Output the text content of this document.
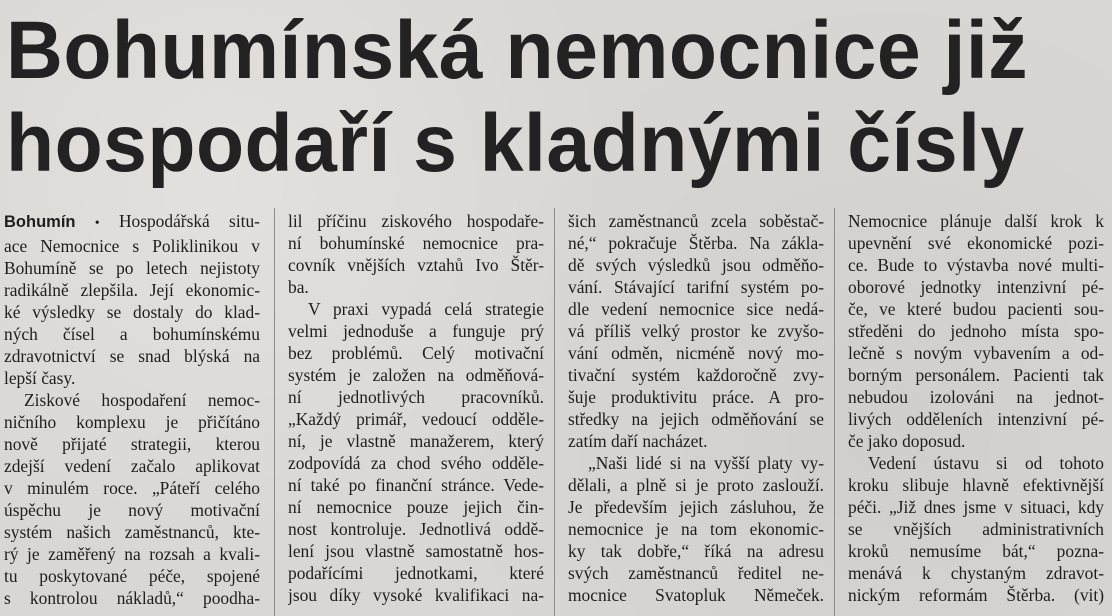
Bohumínská nemocnice již
hospodaří s kladnými čísly
Bohumín • Hospodářská situ-
ace Nemocnice s Poliklinikou v
Bohumíně se po letech nejistoty
radikálně zlepšila. Její ekonomic-
ké výsledky se dostaly do klad-
ných čísel a bohumínskému
zdravotnictví se snad blýská na
lepší časy.
Ziskové hospodaření nemoc-
ničního komplexu je přičítáno
nově přijaté strategii, kterou
zdejší vedení začalo aplikovat
v minulém roce. „Páteří celého
úspěchu je nový motivační
systém našich zaměstnanců, kte-
rý je zaměřený na rozsah a kvali-
tu poskytované péče, spojené
s kontrolou nákladů,“ poodha-
lil příčinu ziskového hospodaře-
ní bohumínské nemocnice pra-
covník vnějších vztahů Ivo Štěr-
ba.
V praxi vypadá celá strategie
velmi jednoduše a funguje prý
bez problémů. Celý motivační
systém je založen na odměňová-
ní jednotlivých pracovníků.
„Každý primář, vedoucí odděle-
ní, je vlastně manažerem, který
zodpovídá za chod svého odděle-
ní také po finanční stránce. Vede-
ní nemocnice pouze jejich čin-
nost kontroluje. Jednotlivá oddě-
lení jsou vlastně samostatně hos-
podařícími jednotkami, které
jsou díky vysoké kvalifikaci na-
šich zaměstnanců zcela soběstač-
né,“ pokračuje Štěrba. Na zákla-
dě svých výsledků jsou odměňo-
vání. Stávající tarifní systém po-
dle vedení nemocnice sice nedá-
vá příliš velký prostor ke zvyšo-
vání odměn, nicméně nový mo-
tivační systém každoročně zvy-
šuje produktivitu práce. A pro-
středky na jejich odměňování se
zatím daří nacházet.
„Naši lidé si na vyšší platy vy-
dělali, a plně si je proto zaslouží.
Je především jejich zásluhou, že
nemocnice je na tom ekonomic-
ky tak dobře,“ říká na adresu
svých zaměstnanců ředitel ne-
mocnice Svatopluk Němeček.
Nemocnice plánuje další krok k
upevnění své ekonomické pozi-
ce. Bude to výstavba nové multi-
oborové jednotky intenzivní pé-
če, ve které budou pacienti sou-
středěni do jednoho místa spo-
lečně s novým vybavením a od-
borným personálem. Pacienti tak
nebudou izolováni na jednot-
livých odděleních intenzivní pé-
če jako doposud.
Vedení ústavu si od tohoto
kroku slibuje hlavně efektivnější
péči. „Již dnes jsme v situaci, kdy
se vnějších administrativních
kroků nemusíme bát,“ pozna-
menává k chystaným zdravot-
nickým reformám Štěrba. (vit)
